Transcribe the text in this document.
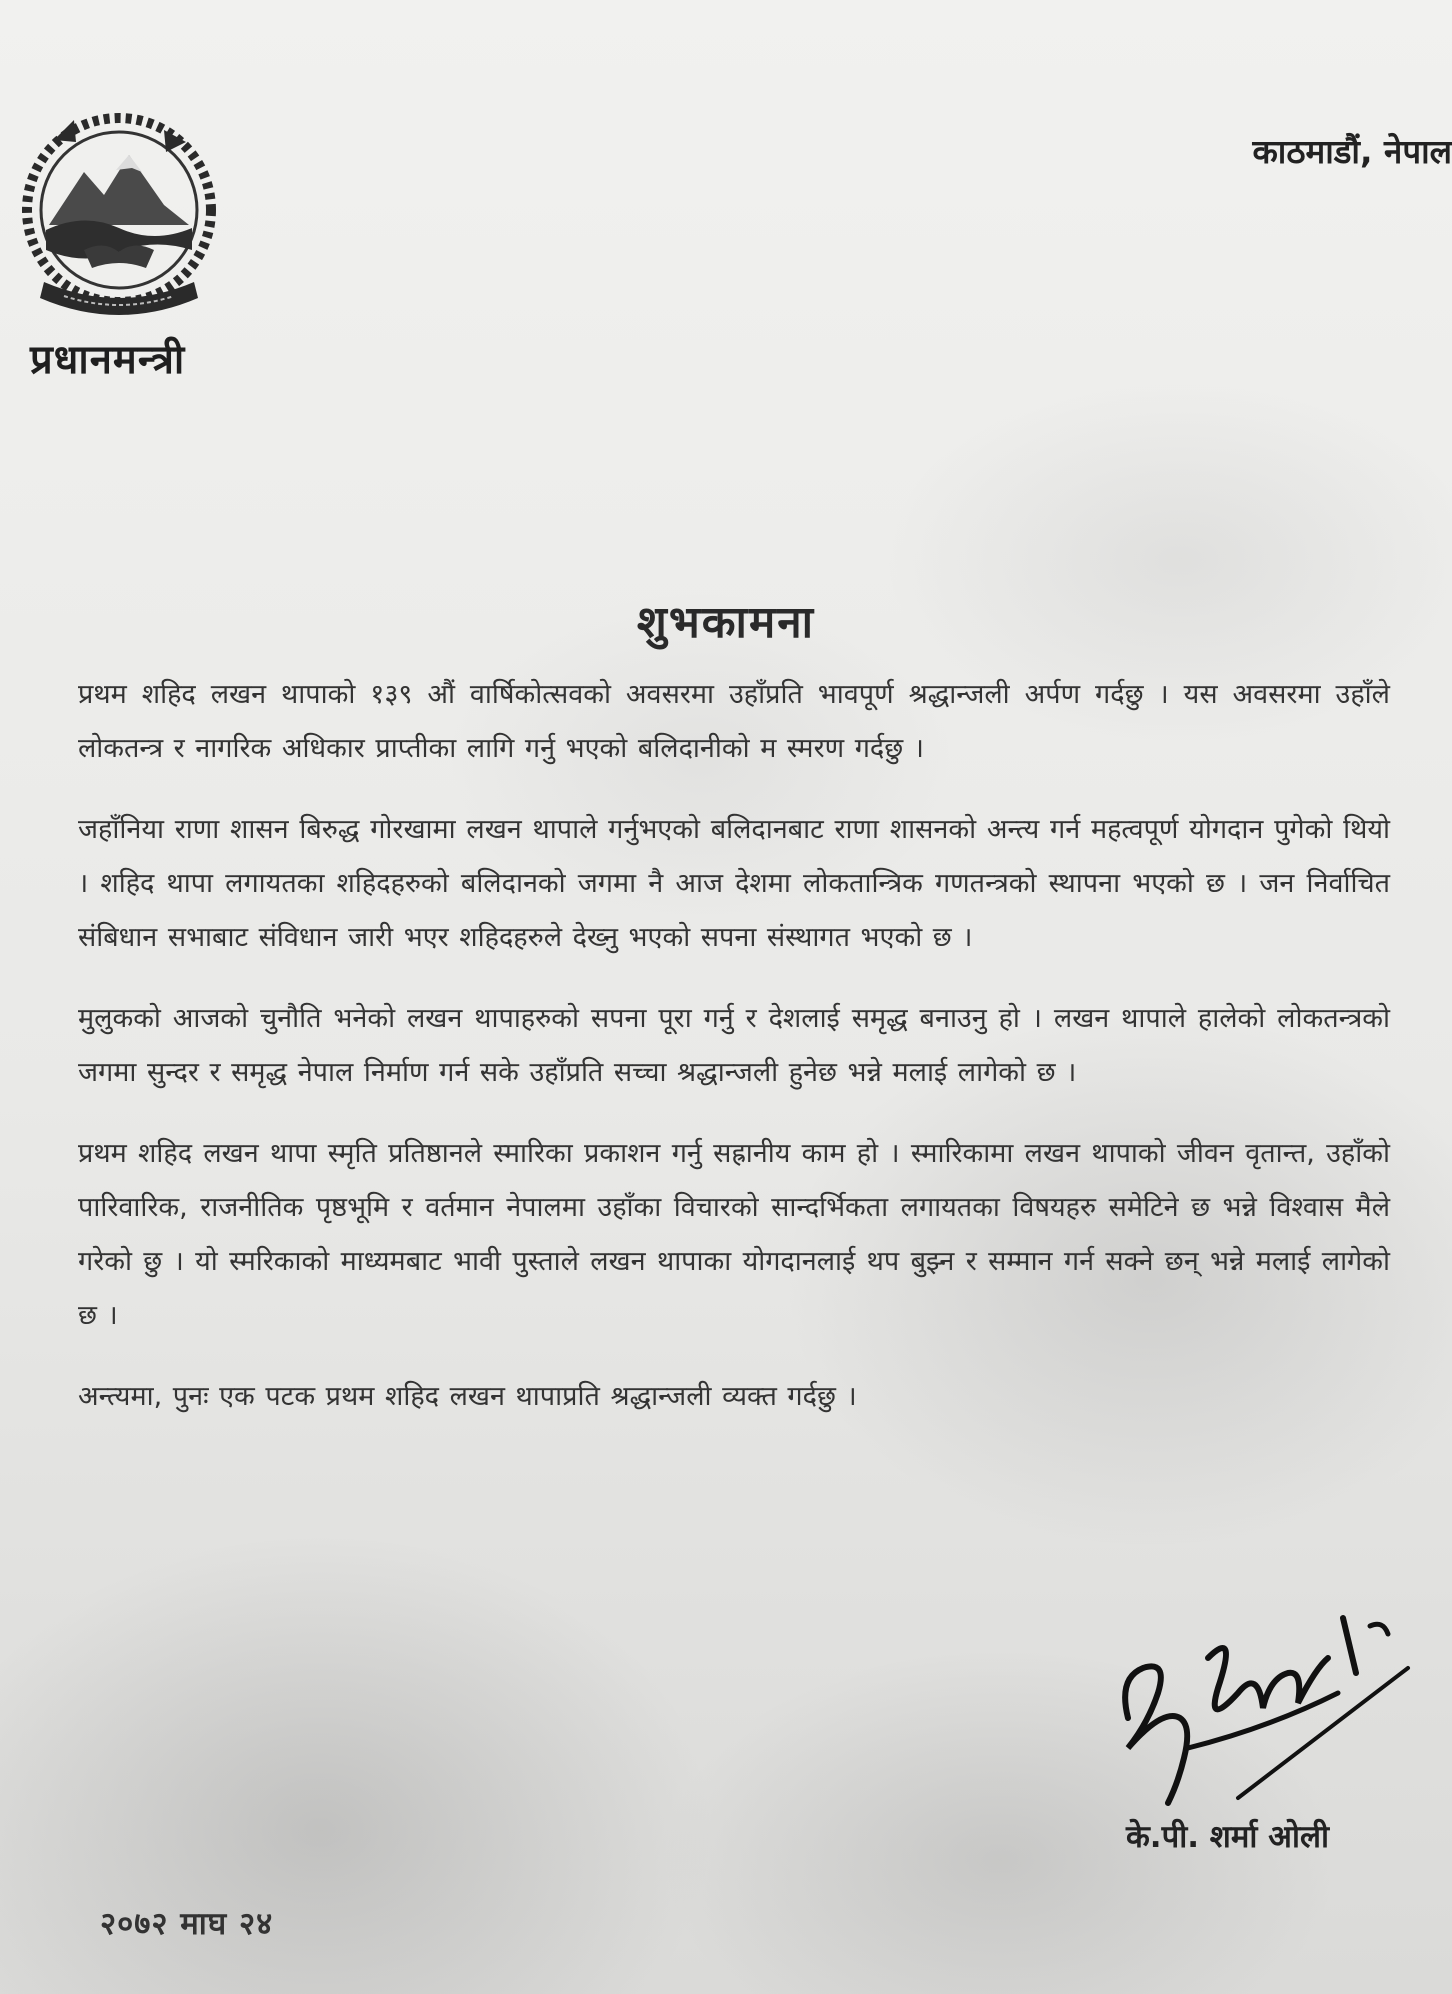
प्रधानमन्त्री
काठमाडौं, नेपाल
शुभकामना

प्रथम शहिद लखन थापाको १३९ औं वार्षिकोत्सवको अवसरमा उहाँप्रति भावपूर्ण श्रद्धान्जली अर्पण गर्दछु । यस अवसरमा उहाँले लोकतन्त्र र नागरिक अधिकार प्राप्तीका लागि गर्नु भएको बलिदानीको म स्मरण गर्दछु ।

जहाँनिया राणा शासन बिरुद्ध गोरखामा लखन थापाले गर्नुभएको बलिदानबाट राणा शासनको अन्त्य गर्न महत्वपूर्ण योगदान पुगेको थियो । शहिद थापा लगायतका शहिदहरुको बलिदानको जगमा नै आज देशमा लोकतान्त्रिक गणतन्त्रको स्थापना भएको छ । जन निर्वाचित संबिधान सभाबाट संविधान जारी भएर शहिदहरुले देख्नु भएको सपना संस्थागत भएको छ ।

मुलुकको आजको चुनौति भनेको लखन थापाहरुको सपना पूरा गर्नु र देशलाई समृद्ध बनाउनु हो । लखन थापाले हालेको लोकतन्त्रको जगमा सुन्दर र समृद्ध नेपाल निर्माण गर्न सके उहाँप्रति सच्चा श्रद्धान्जली हुनेछ भन्ने मलाई लागेको छ ।

प्रथम शहिद लखन थापा स्मृति प्रतिष्ठानले स्मारिका प्रकाशन गर्नु सह्रानीय काम हो । स्मारिकामा लखन थापाको जीवन वृतान्त, उहाँको पारिवारिक, राजनीतिक पृष्ठभूमि र वर्तमान नेपालमा उहाँका विचारको सान्दर्भिकता लगायतका विषयहरु समेटिने छ भन्ने विश्वास मैले गरेको छु । यो स्मरिकाको माध्यमबाट भावी पुस्ताले लखन थापाका योगदानलाई थप बुझ्न र सम्मान गर्न सक्ने छन् भन्ने मलाई लागेको छ ।

अन्त्यमा, पुनः एक पटक प्रथम शहिद लखन थापाप्रति श्रद्धान्जली व्यक्त गर्दछु ।

के.पी. शर्मा ओली
२०७२ माघ २४
